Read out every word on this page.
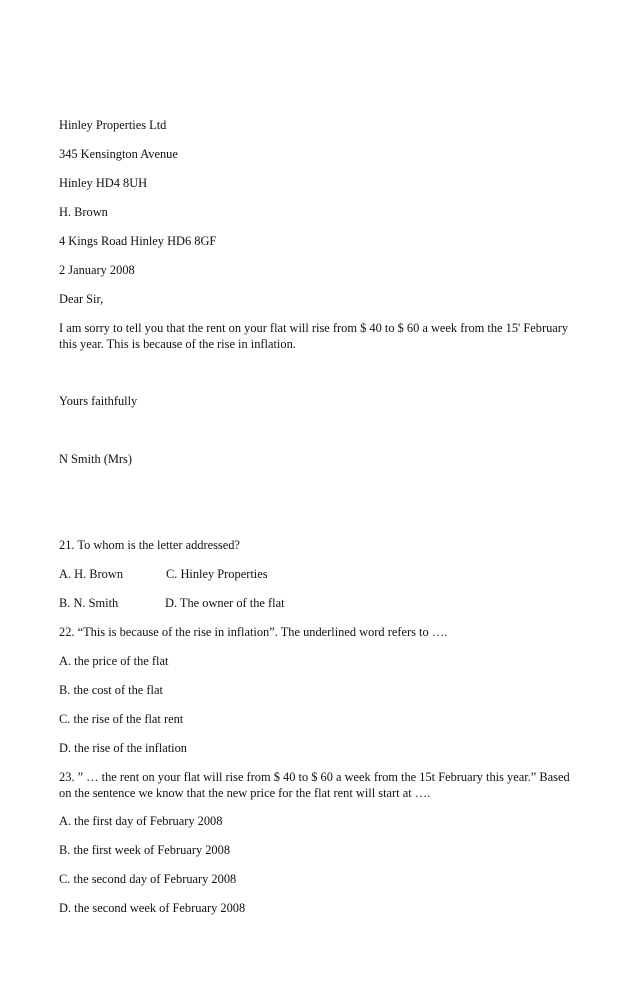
Hinley Properties Ltd
345 Kensington Avenue
Hinley HD4 8UH
H. Brown
4 Kings Road Hinley HD6 8GF
2 January 2008
Dear Sir,
I am sorry to tell you that the rent on your flat will rise from $ 40 to $ 60 a week from the 15' February this year. This is because of the rise in inflation.
Yours faithfully
N Smith (Mrs)
21. To whom is the letter addressed?
A. H. Brown	C. Hinley Properties
B. N. Smith	D. The owner of the flat
22. “This is because of the rise in inflation”. The underlined word refers to ….
A. the price of the flat
B. the cost of the flat
C. the rise of the flat rent
D. the rise of the inflation
23. ” … the rent on your flat will rise from $ 40 to $ 60 a week from the 15t February this year.” Based on the sentence we know that the new price for the flat rent will start at ….
A. the first day of February 2008
B. the first week of February 2008
C. the second day of February 2008
D. the second week of February 2008
